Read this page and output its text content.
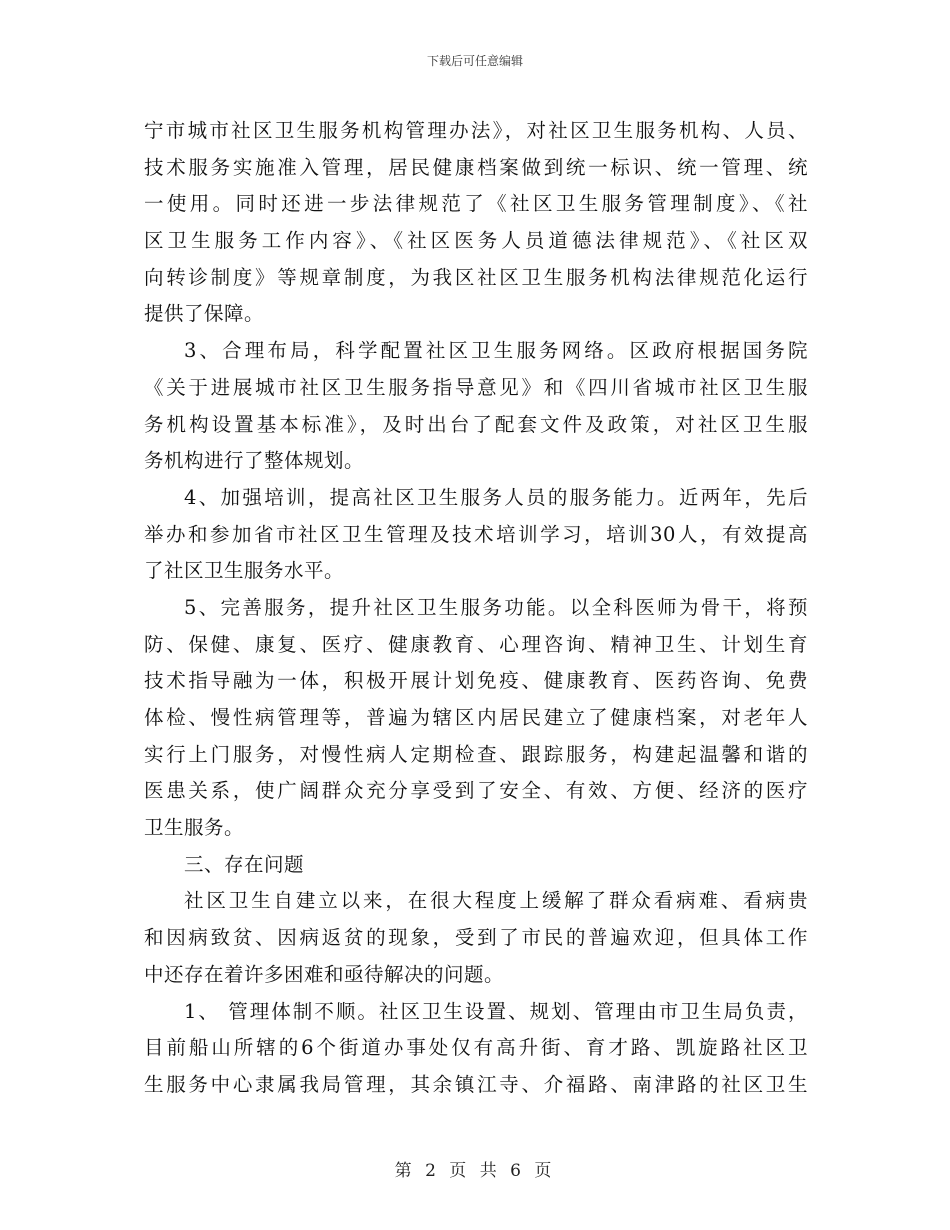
下载后可任意编辑
宁市城市社区卫生服务机构管理办法》，对社区卫生服务机构、人员、
技术服务实施准入管理，居民健康档案做到统一标识、统一管理、统
一使用。同时还进一步法律规范了《社区卫生服务管理制度》、《社
区卫生服务工作内容》、《社区医务人员道德法律规范》、《社区双
向转诊制度》等规章制度，为我区社区卫生服务机构法律规范化运行
提供了保障。
3、合理布局，科学配置社区卫生服务网络。区政府根据国务院
《关于进展城市社区卫生服务指导意见》和《四川省城市社区卫生服
务机构设置基本标准》，及时出台了配套文件及政策，对社区卫生服
务机构进行了整体规划。
4、加强培训，提高社区卫生服务人员的服务能力。近两年，先后
举办和参加省市社区卫生管理及技术培训学习，培训30人，有效提高
了社区卫生服务水平。
5、完善服务，提升社区卫生服务功能。以全科医师为骨干，将预
防、保健、康复、医疗、健康教育、心理咨询、精神卫生、计划生育
技术指导融为一体，积极开展计划免疫、健康教育、医药咨询、免费
体检、慢性病管理等，普遍为辖区内居民建立了健康档案，对老年人
实行上门服务，对慢性病人定期检查、跟踪服务，构建起温馨和谐的
医患关系，使广阔群众充分享受到了安全、有效、方便、经济的医疗
卫生服务。
三、存在问题
社区卫生自建立以来，在很大程度上缓解了群众看病难、看病贵
和因病致贫、因病返贫的现象，受到了市民的普遍欢迎，但具体工作
中还存在着许多困难和亟待解决的问题。
1、 管理体制不顺。社区卫生设置、规划、管理由市卫生局负责，
目前船山所辖的6个街道办事处仅有高升街、育才路、凯旋路社区卫
生服务中心隶属我局管理，其余镇江寺、介福路、南津路的社区卫生
第 2 页 共 6 页
